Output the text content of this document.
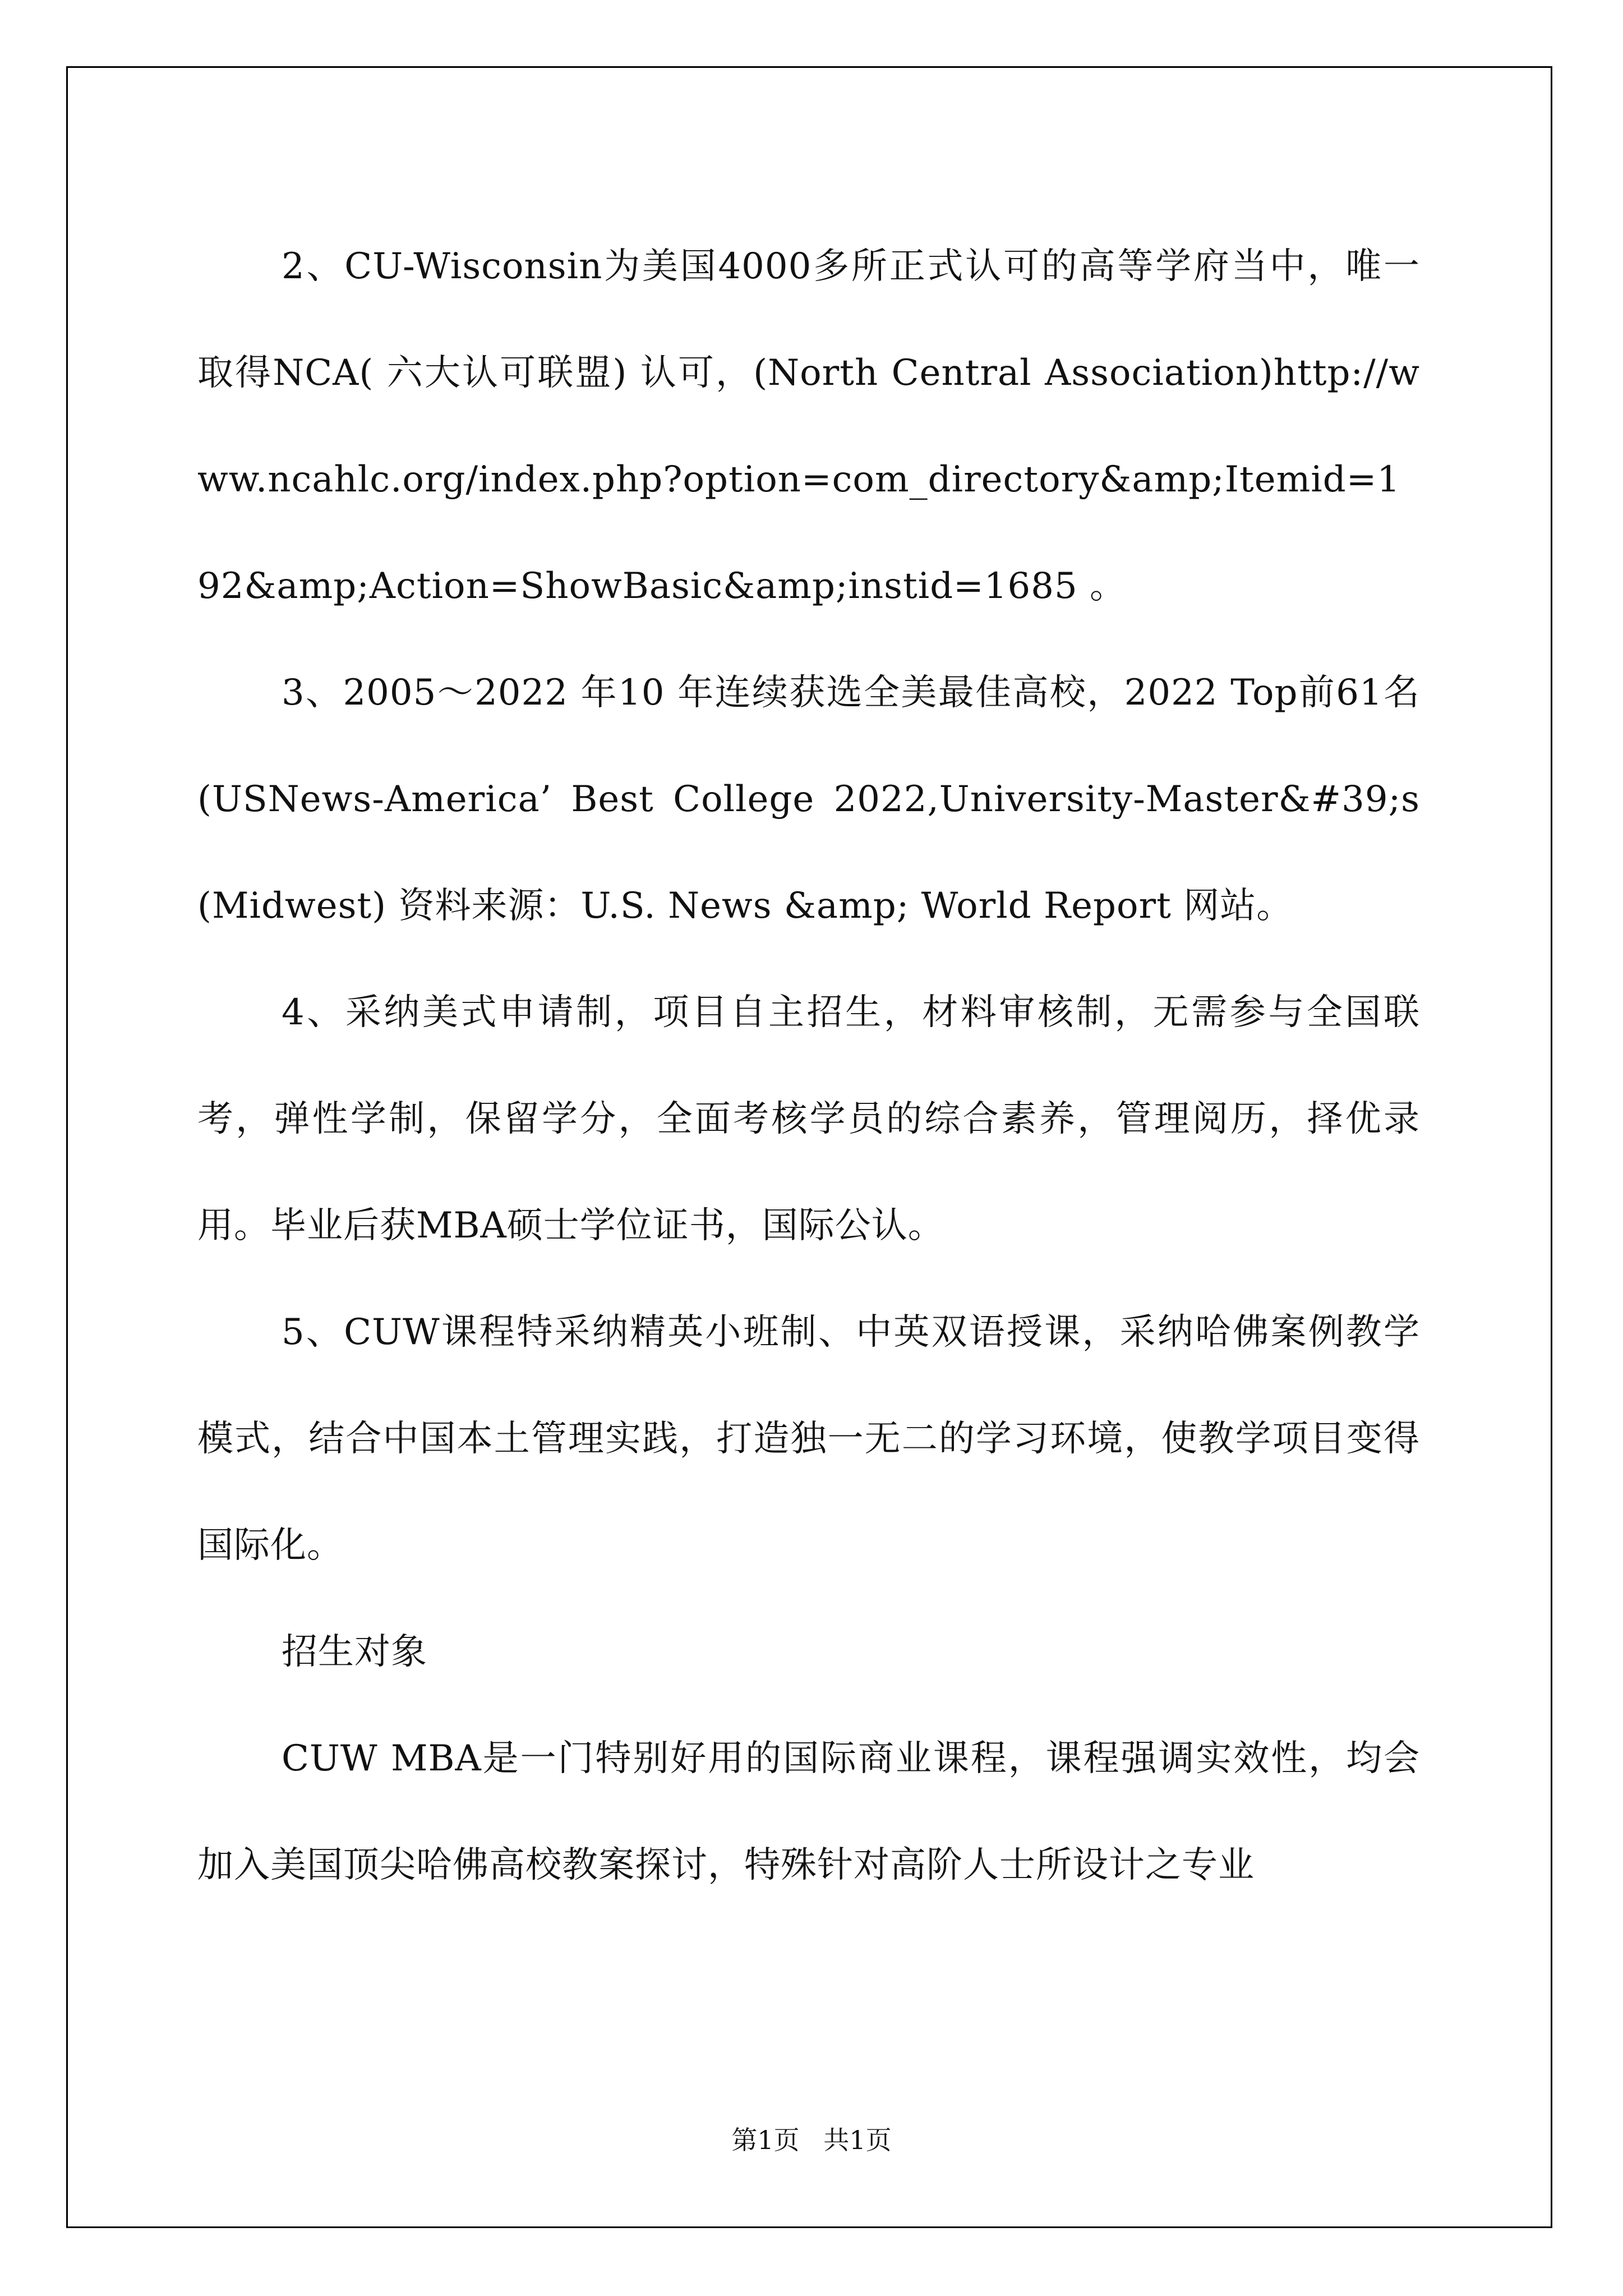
2、CU-Wisconsin为美国4000多所正式认可的高等学府当中，唯一取得NCA( 六大认可联盟) 认可，(North Central Association)http://www.ncahlc.org/index.php?option=com_directory&amp;Itemid=192&amp;Action=ShowBasic&amp;instid=1685 。

3、2005～2022 年10 年连续获选全美最佳高校，2022 Top前61名 (USNews-America’ Best College 2022,University-Master&#39;s(Midwest) 资料来源：U.S. News &amp; World Report 网站。

4、采纳美式申请制，项目自主招生，材料审核制，无需参与全国联考，弹性学制，保留学分，全面考核学员的综合素养，管理阅历，择优录用。毕业后获MBA硕士学位证书，国际公认。

5、CUW课程特采纳精英小班制、中英双语授课，采纳哈佛案例教学模式，结合中国本土管理实践，打造独一无二的学习环境，使教学项目变得国际化。

招生对象

CUW MBA是一门特别好用的国际商业课程，课程强调实效性，均会加入美国顶尖哈佛高校教案探讨，特殊针对高阶人士所设计之专业

第1页 共1页
